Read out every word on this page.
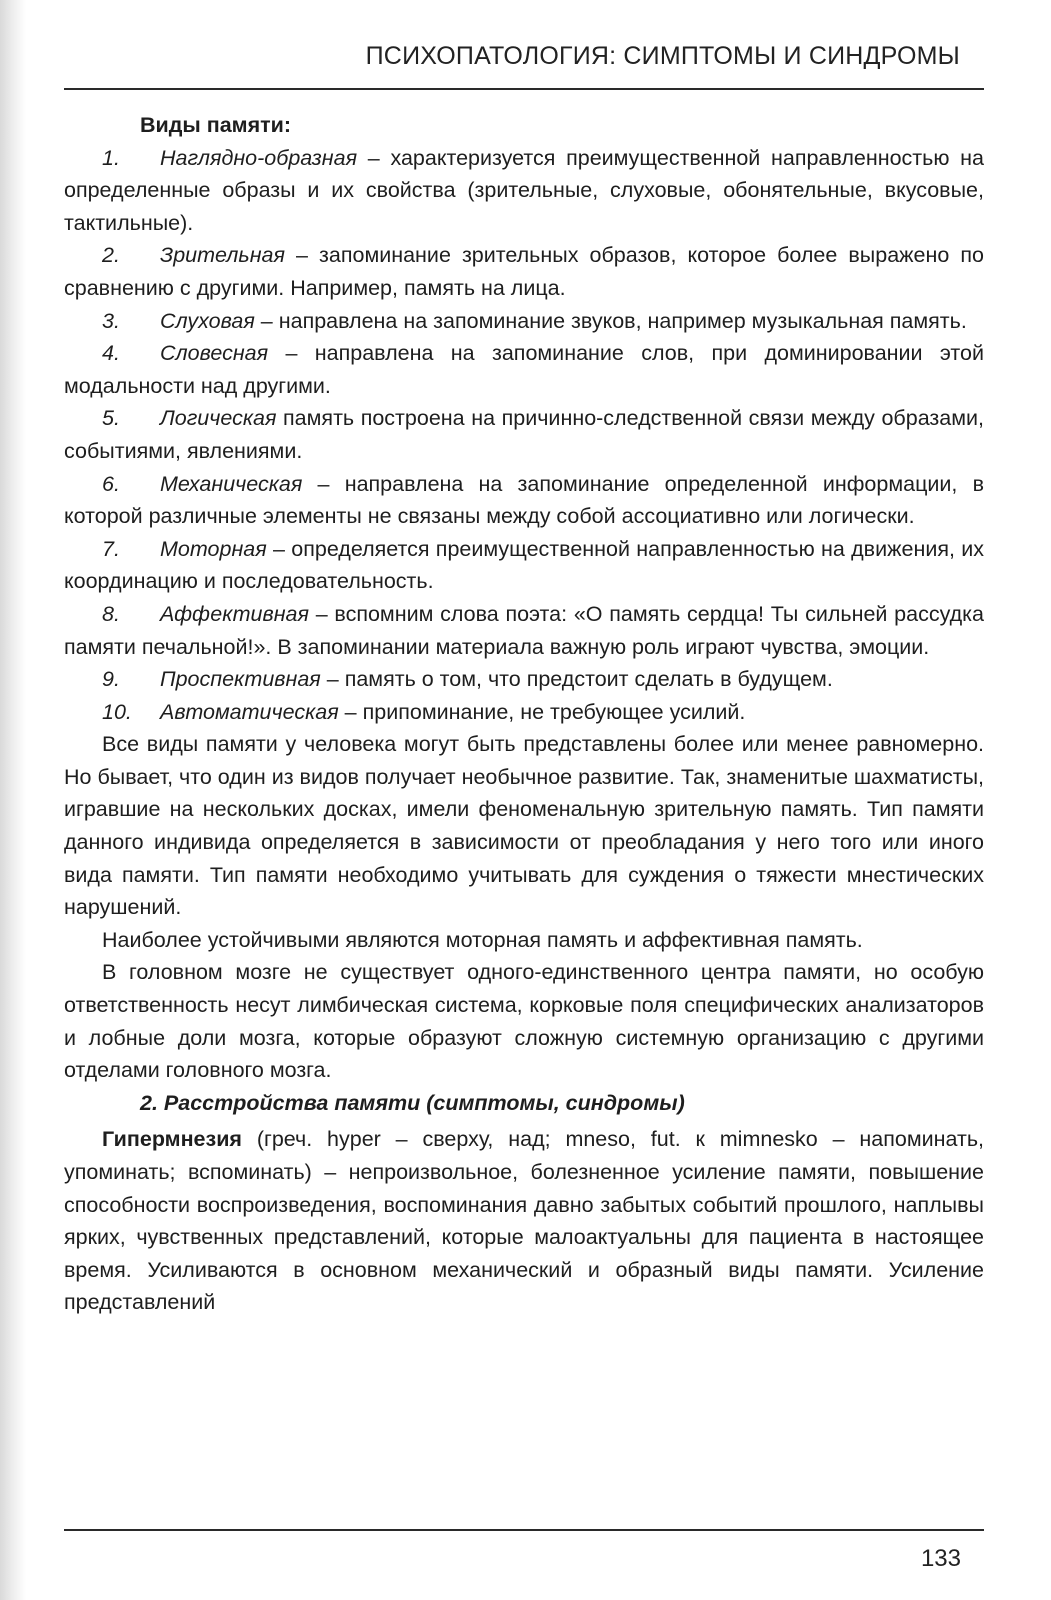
ПСИХОПАТОЛОГИЯ: СИМПТОМЫ И СИНДРОМЫ

Виды памяти:

1. Наглядно-образная – характеризуется преимущественной направленностью на определенные образы и их свойства (зрительные, слуховые, обонятельные, вкусовые, тактильные).

2. Зрительная – запоминание зрительных образов, которое более выражено по сравнению с другими. Например, память на лица.

3. Слуховая – направлена на запоминание звуков, например музыкальная память.

4. Словесная – направлена на запоминание слов, при доминировании этой модальности над другими.

5. Логическая память построена на причинно-следственной связи между образами, событиями, явлениями.

6. Механическая – направлена на запоминание определенной информации, в которой различные элементы не связаны между собой ассоциативно или логически.

7. Моторная – определяется преимущественной направленностью на движения, их координацию и последовательность.

8. Аффективная – вспомним слова поэта: «О память сердца! Ты сильней рассудка памяти печальной!». В запоминании материала важную роль играют чувства, эмоции.

9. Проспективная – память о том, что предстоит сделать в будущем.

10. Автоматическая – припоминание, не требующее усилий.

Все виды памяти у человека могут быть представлены более или менее равномерно. Но бывает, что один из видов получает необычное развитие. Так, знаменитые шахматисты, игравшие на нескольких досках, имели феноменальную зрительную память. Тип памяти данного индивида определяется в зависимости от преобладания у него того или иного вида памяти. Тип памяти необходимо учитывать для суждения о тяжести мнестических нарушений.

Наиболее устойчивыми являются моторная память и аффективная память.

В головном мозге не существует одного-единственного центра памяти, но особую ответственность несут лимбическая система, корковые поля специфических анализаторов и лобные доли мозга, которые образуют сложную системную организацию с другими отделами головного мозга.

2. Расстройства памяти (симптомы, синдромы)

Гипермнезия (греч. hyper – сверху, над; mneso, fut. к mimnesko – напоминать, упоминать; вспоминать) – непроизвольное, болезненное усиление памяти, повышение способности воспроизведения, воспоминания давно забытых событий прошлого, наплывы ярких, чувственных представлений, которые малоактуальны для пациента в настоящее время. Усиливаются в основном механический и образный виды памяти. Усиление представлений

133
